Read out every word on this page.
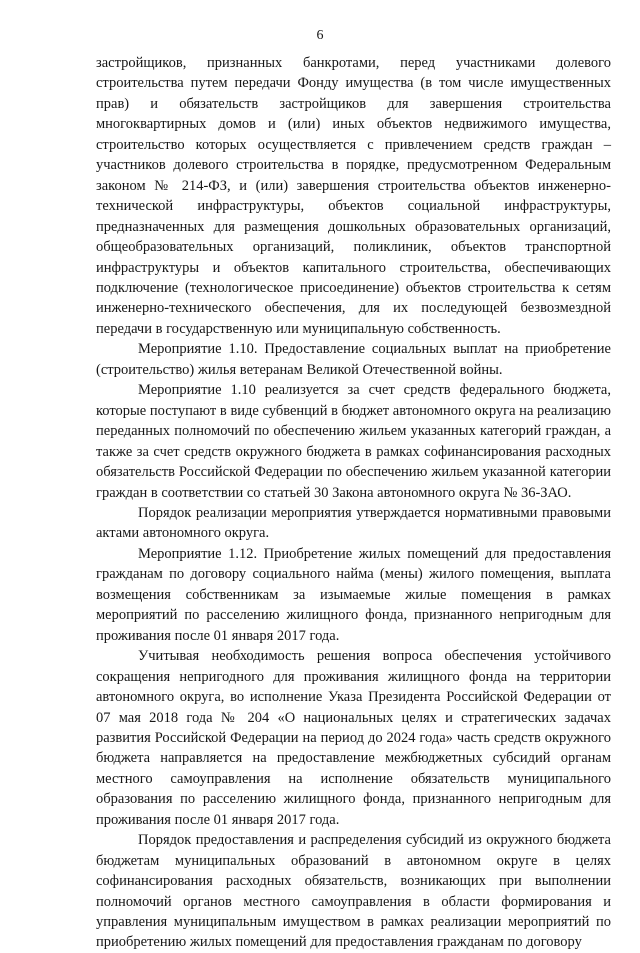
6

застройщиков, признанных банкротами, перед участниками долевого строительства путем передачи Фонду имущества (в том числе имущественных прав) и обязательств застройщиков для завершения строительства многоквартирных домов и (или) иных объектов недвижимого имущества, строительство которых осуществляется с привлечением средств граждан – участников долевого строительства в порядке, предусмотренном Федеральным законом № 214-ФЗ, и (или) завершения строительства объектов инженерно-технической инфраструктуры, объектов социальной инфраструктуры, предназначенных для размещения дошкольных образовательных организаций, общеобразовательных организаций, поликлиник, объектов транспортной инфраструктуры и объектов капитального строительства, обеспечивающих подключение (технологическое присоединение) объектов строительства к сетям инженерно-технического обеспечения, для их последующей безвозмездной передачи в государственную или муниципальную собственность.

Мероприятие 1.10. Предоставление социальных выплат на приобретение (строительство) жилья ветеранам Великой Отечественной войны.

Мероприятие 1.10 реализуется за счет средств федерального бюджета, которые поступают в виде субвенций в бюджет автономного округа на реализацию переданных полномочий по обеспечению жильем указанных категорий граждан, а также за счет средств окружного бюджета в рамках софинансирования расходных обязательств Российской Федерации по обеспечению жильем указанной категории граждан в соответствии со статьей 30 Закона автономного округа № 36-ЗАО.

Порядок реализации мероприятия утверждается нормативными правовыми актами автономного округа.

Мероприятие 1.12. Приобретение жилых помещений для предоставления гражданам по договору социального найма (мены) жилого помещения, выплата возмещения собственникам за изымаемые жилые помещения в рамках мероприятий по расселению жилищного фонда, признанного непригодным для проживания после 01 января 2017 года.

Учитывая необходимость решения вопроса обеспечения устойчивого сокращения непригодного для проживания жилищного фонда на территории автономного округа, во исполнение Указа Президента Российской Федерации от 07 мая 2018 года № 204 «О национальных целях и стратегических задачах развития Российской Федерации на период до 2024 года» часть средств окружного бюджета направляется на предоставление межбюджетных субсидий органам местного самоуправления на исполнение обязательств муниципального образования по расселению жилищного фонда, признанного непригодным для проживания после 01 января 2017 года.

Порядок предоставления и распределения субсидий из окружного бюджета бюджетам муниципальных образований в автономном округе в целях софинансирования расходных обязательств, возникающих при выполнении полномочий органов местного самоуправления в области формирования и управления муниципальным имуществом в рамках реализации мероприятий по приобретению жилых помещений для предоставления гражданам по договору
